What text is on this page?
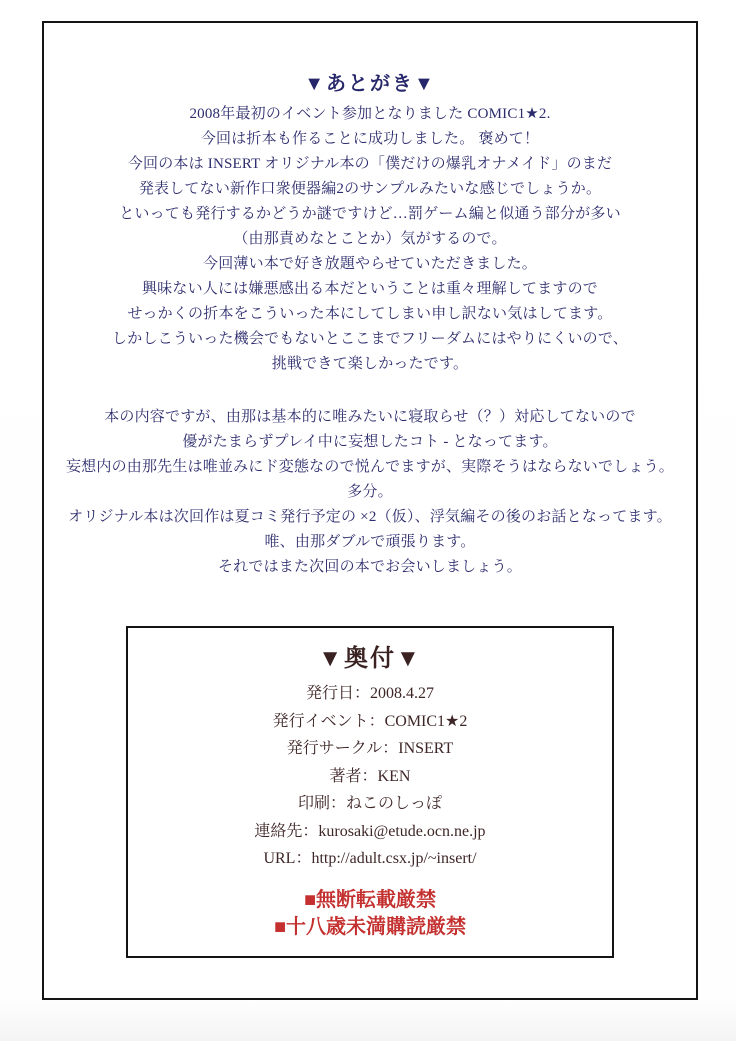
▼あとがき▼
2008年最初のイベント参加となりました COMIC1★2.
今回は折本も作ることに成功しました。 褒めて！
今回の本は INSERT オリジナル本の「僕だけの爆乳オナメイド」のまだ
発表してない新作口衆便器編2のサンプルみたいな感じでしょうか。
といっても発行するかどうか謎ですけど…罰ゲーム編と似通う部分が多い
（由那責めなとことか）気がするので。
今回薄い本で好き放題やらせていただきました。
興味ない人には嫌悪感出る本だということは重々理解してますので
せっかくの折本をこういった本にしてしまい申し訳ない気はしてます。
しかしこういった機会でもないとここまでフリーダムにはやりにくいので、
挑戦できて楽しかったです。
本の内容ですが、由那は基本的に唯みたいに寝取らせ（？）対応してないので
優がたまらずプレイ中に妄想したコト - となってます。
妄想内の由那先生は唯並みにド変態なので悦んでますが、実際そうはならないでしょう。
多分。
オリジナル本は次回作は夏コミ発行予定の ×2（仮）、浮気編その後のお話となってます。
唯、由那ダブルで頑張ります。
それではまた次回の本でお会いしましょう。
▼奥付▼
発行日：2008.4.27
発行イベント：COMIC1★2
発行サークル：INSERT
著者：KEN
印刷：ねこのしっぽ
連絡先：kurosaki@etude.ocn.ne.jp
URL：http://adult.csx.jp/~insert/
■無断転載厳禁
■十八歳未満購読厳禁
